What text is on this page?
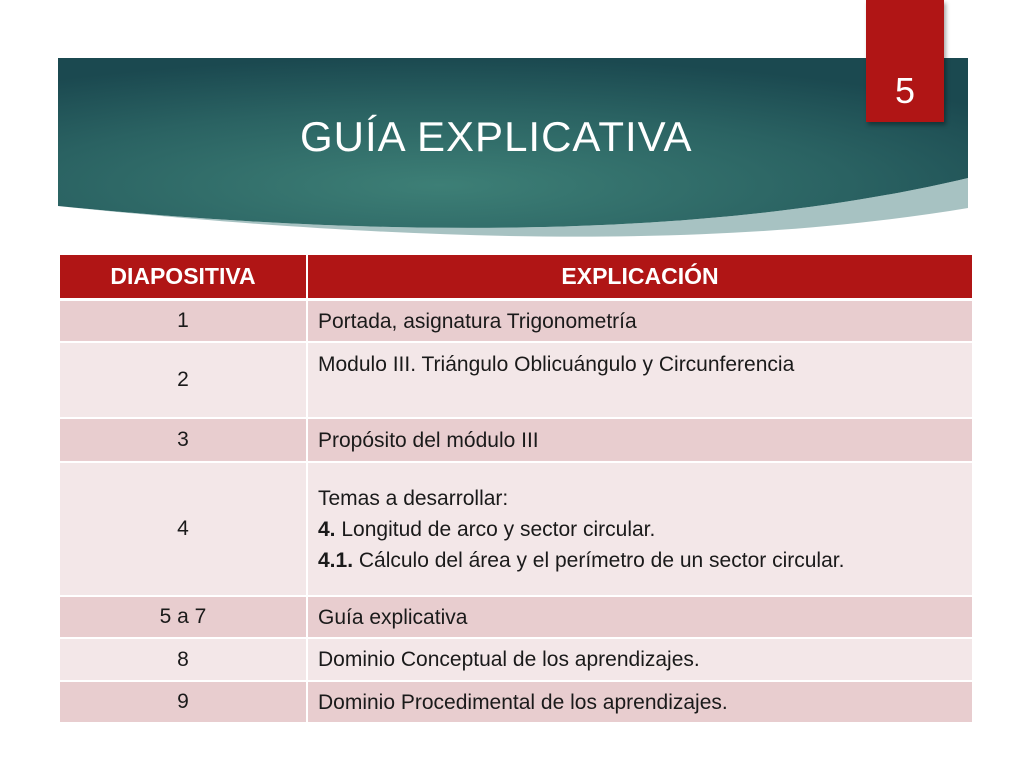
GUÍA EXPLICATIVA
5
DIAPOSITIVA	EXPLICACIÓN
1	Portada, asignatura Trigonometría
2	Modulo III. Triángulo Oblicuángulo y Circunferencia
3	Propósito del módulo III
4	Temas a desarrollar:
4. Longitud de arco y sector circular.
4.1. Cálculo del área y el perímetro de un sector circular.

5 a 7	Guía explicativa
8	Dominio Conceptual de los aprendizajes.
9	Dominio Procedimental de los aprendizajes.
